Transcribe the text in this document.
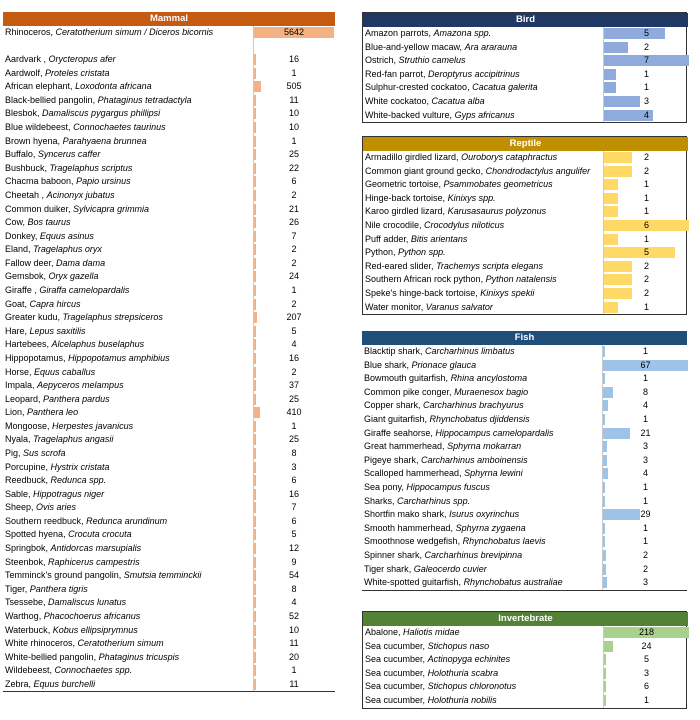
Mammal
Rhinoceros, Ceratotherium simum / Diceros bicornis	5642
Aardvark , Orycteropus afer	16
Aardwolf, Proteles cristata	1
African elephant, Loxodonta africana	505
Black-bellied pangolin, Phataginus tetradactyla	11
Blesbok, Damaliscus pygargus phillipsi	10
Blue wildebeest, Connochaetes taurinus	10
Brown hyena, Parahyaena brunnea	1
Buffalo, Syncerus caffer	25
Bushbuck, Tragelaphus scriptus	22
Chacma baboon, Papio ursinus	6
Cheetah , Acinonyx jubatus	2
Common duiker, Sylvicapra grimmia	21
Cow, Bos taurus	26
Donkey, Equus asinus	7
Eland, Tragelaphus oryx	2
Fallow deer, Dama dama	2
Gemsbok, Oryx gazella	24
Giraffe , Giraffa camelopardalis	1
Goat, Capra hircus	2
Greater kudu, Tragelaphus strepsiceros	207
Hare, Lepus saxitilis	5
Hartebees, Alcelaphus buselaphus	4
Hippopotamus, Hippopotamus amphibius	16
Horse, Equus caballus	2
Impala, Aepyceros melampus	37
Leopard, Panthera pardus	25
Lion, Panthera leo	410
Mongoose, Herpestes javanicus	1
Nyala, Tragelaphus angasii	25
Pig, Sus scrofa	8
Porcupine, Hystrix cristata	3
Reedbuck, Redunca spp.	6
Sable, Hippotragus niger	16
Sheep, Ovis aries	7
Southern reedbuck, Redunca arundinum	6
Spotted hyena, Crocuta crocuta	5
Springbok, Antidorcas marsupialis	12
Steenbok, Raphicerus campestris	9
Temminck's ground pangolin, Smutsia temminckii	54
Tiger, Panthera tigris	8
Tsessebe, Damaliscus lunatus	4
Warthog, Phacochoerus africanus	52
Waterbuck, Kobus ellipsiprymnus	10
White rhinoceros, Ceratotherium simum	11
White-bellied pangolin, Phataginus tricuspis	20
Wildebeest, Connochaetes spp.	1
Zebra, Equus burchelli	11
Bird
Amazon parrots, Amazona spp.	5
Blue-and-yellow macaw, Ara ararauna	2
Ostrich, Struthio camelus	7
Red-fan parrot, Deroptyrus accipitrinus	1
Sulphur-crested cockatoo, Cacatua galerita	1
White cockatoo, Cacatua alba	3
White-backed vulture, Gyps africanus	4
Reptile
Armadillo girdled lizard, Ouroborys cataphractus	2
Common giant ground gecko, Chondrodactylus angulifer	2
Geometric tortoise, Psammobates geometricus	1
Hinge-back tortoise, Kinixys spp.	1
Karoo girdled lizard, Karusasaurus polyzonus	1
Nile crocodile, Crocodylus niloticus	6
Puff adder, Bitis arientans	1
Python, Python spp.	5
Red-eared slider, Trachemys scripta elegans	2
Southern African rock python, Python natalensis	2
Speke's hinge-back tortoise, Kinixys spekii	2
Water monitor, Varanus salvator	1
Fish
Blacktip shark, Carcharhinus limbatus	1
Blue shark, Prionace glauca	67
Bowmouth guitarfish, Rhina ancylostoma	1
Common pike conger, Muraenesox bagio	8
Copper shark, Carcharhinus brachyurus	4
Giant guitarfish, Rhynchobatus djiddensis	1
Giraffe seahorse, Hippocampus camelopardalis	21
Great hammerhead, Sphyrna mokarran	3
Pigeye shark, Carcharhinus amboinensis	3
Scalloped hammerhead, Sphyrna lewini	4
Sea pony, Hippocampus fuscus	1
Sharks, Carcharhinus spp.	1
Shortfin mako shark, Isurus oxyrinchus	29
Smooth hammerhead, Sphyrna zygaena	1
Smoothnose wedgefish, Rhynchobatus laevis	1
Spinner shark, Carcharhinus brevipinna	2
Tiger shark, Galeocerdo cuvier	2
White-spotted guitarfish, Rhynchobatus australiae	3
Invertebrate
Abalone, Haliotis midae	218
Sea cucumber, Stichopus naso	24
Sea cucumber, Actinopyga echinites	5
Sea cucumber, Holothuria scabra	3
Sea cucumber, Stichopus chloronotus	6
Sea cucumber, Holothuria nobilis	1
